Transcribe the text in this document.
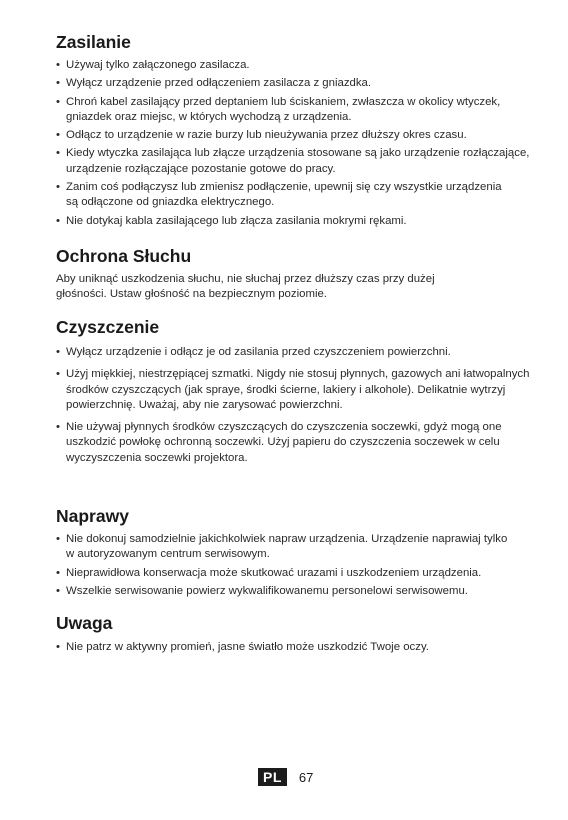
Zasilanie
• Używaj tylko załączonego zasilacza.
• Wyłącz urządzenie przed odłączeniem zasilacza z gniazdka.
• Chroń kabel zasilający przed deptaniem lub ściskaniem, zwłaszcza w okolicy wtyczek, gniazdek oraz miejsc, w których wychodzą z urządzenia.
• Odłącz to urządzenie w razie burzy lub nieużywania przez dłuższy okres czasu.
• Kiedy wtyczka zasilająca lub złącze urządzenia stosowane są jako urządzenie rozłączające, urządzenie rozłączające pozostanie gotowe do pracy.
• Zanim coś podłączysz lub zmienisz podłączenie, upewnij się czy wszystkie urządzenia są odłączone od gniazdka elektrycznego.
• Nie dotykaj kabla zasilającego lub złącza zasilania mokrymi rękami.
Ochrona Słuchu

Aby uniknąć uszkodzenia słuchu, nie słuchaj przez dłuższy czas przy dużej głośności. Ustaw głośność na bezpiecznym poziomie.

Czyszczenie
• Wyłącz urządzenie i odłącz je od zasilania przed czyszczeniem powierzchni.
• Użyj miękkiej, niestrzępiącej szmatki. Nigdy nie stosuj płynnych, gazowych ani łatwopalnych środków czyszczących (jak spraye, środki ścierne, lakiery i alkohole). Delikatnie wytrzyj powierzchnię. Uważaj, aby nie zarysować powierzchni.
• Nie używaj płynnych środków czyszczących do czyszczenia soczewki, gdyż mogą one uszkodzić powłokę ochronną soczewki. Użyj papieru do czyszczenia soczewek w celu wyczyszczenia soczewki projektora.
Naprawy
• Nie dokonuj samodzielnie jakichkolwiek napraw urządzenia. Urządzenie naprawiaj tylko w autoryzowanym centrum serwisowym.
• Nieprawidłowa konserwacja może skutkować urazami i uszkodzeniem urządzenia.
• Wszelkie serwisowanie powierz wykwalifikowanemu personelowi serwisowemu.
Uwaga
• Nie patrz w aktywny promień, jasne światło może uszkodzić Twoje oczy.
PL	67
